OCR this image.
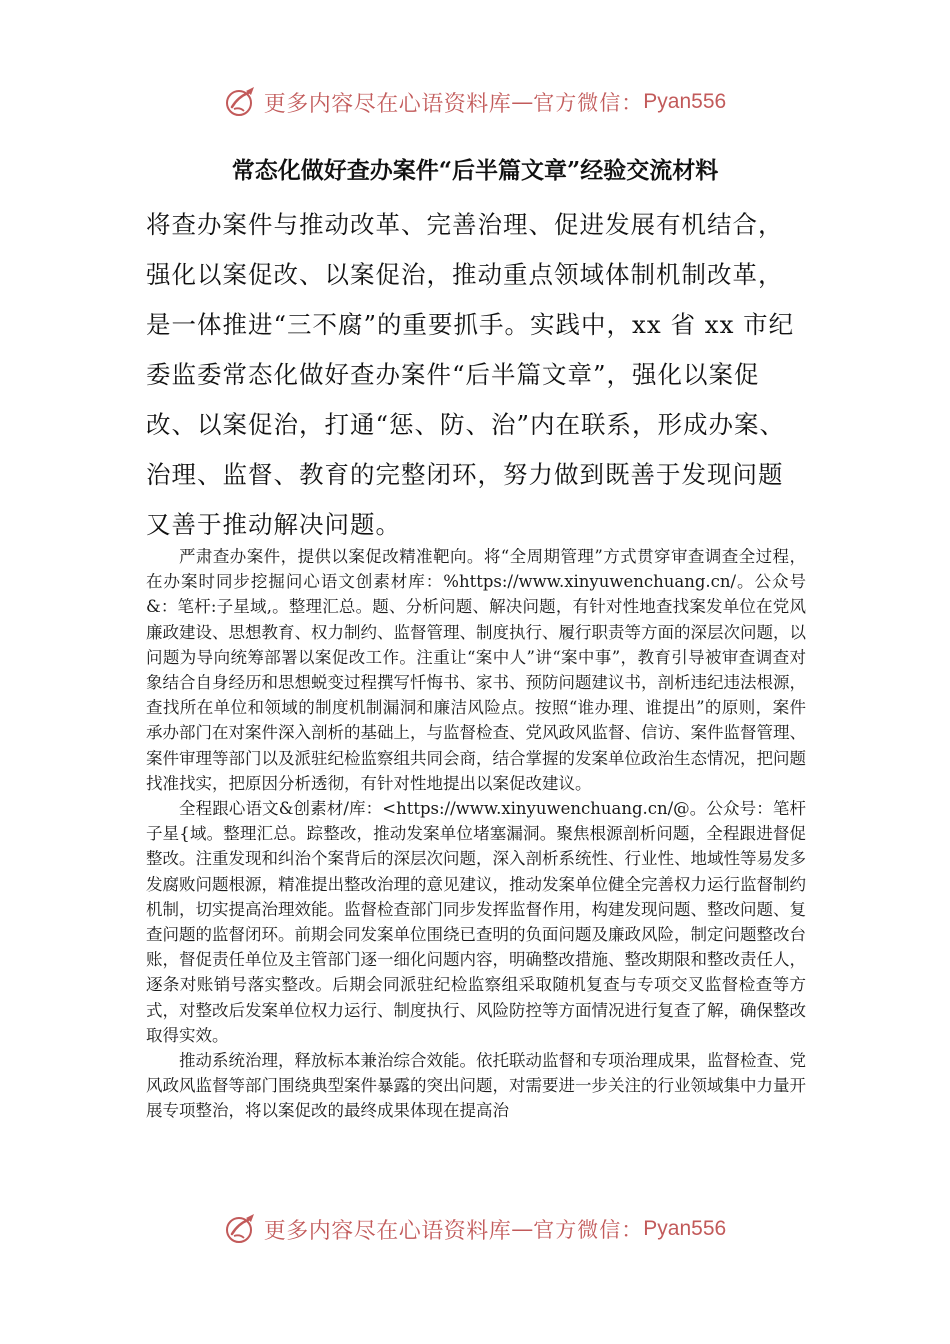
更多内容尽在心语资料库 — 官方微信： Pyan556
常态化做好查办案件“后半篇文章”经验交流材料
将查办案件与推动改革、完善治理、促进发展有机结合，
强化以案促改、以案促治，推动重点领域体制机制改革，
是一体推进“三不腐”的重要抓手。实践中，xx 省 xx 市纪
委监委常态化做好查办案件“后半篇文章”，强化以案促
改、以案促治，打通“惩、防、治”内在联系，形成办案、
治理、监督、教育的完整闭环，努力做到既善于发现问题
又善于推动解决问题。

严肃查办案件，提供以案促改精准靶向。将“全周期管理”方式贯穿审查调查全过程，在办案时同步挖掘问心语文创素材库：%https://www.xinyuwenchuang.cn/。公众号&：笔杆:子星域,。整理汇总。题、分析问题、解决问题，有针对性地查找案发单位在党风廉政建设、思想教育、权力制约、监督管理、制度执行、履行职责等方面的深层次问题，以问题为导向统筹部署以案促改工作。注重让“案中人”讲“案中事”，教育引导被审查调查对象结合自身经历和思想蜕变过程撰写忏悔书、家书、预防问题建议书，剖析违纪违法根源，查找所在单位和领域的制度机制漏洞和廉洁风险点。按照“谁办理、谁提出”的原则，案件承办部门在对案件深入剖析的基础上，与监督检查、党风政风监督、信访、案件监督管理、案件审理等部门以及派驻纪检监察组共同会商，结合掌握的发案单位政治生态情况，把问题找准找实，把原因分析透彻，有针对性地提出以案促改建议。

全程跟心语文&创素材/库：<https://www.xinyuwenchuang.cn/@。公众号：笔杆子星{域。整理汇总。踪整改，推动发案单位堵塞漏洞。聚焦根源剖析问题，全程跟进督促整改。注重发现和纠治个案背后的深层次问题，深入剖析系统性、行业性、地域性等易发多发腐败问题根源，精准提出整改治理的意见建议，推动发案单位健全完善权力运行监督制约机制，切实提高治理效能。监督检查部门同步发挥监督作用，构建发现问题、整改问题、复查问题的监督闭环。前期会同发案单位围绕已查明的负面问题及廉政风险，制定问题整改台账，督促责任单位及主管部门逐一细化问题内容，明确整改措施、整改期限和整改责任人，逐条对账销号落实整改。后期会同派驻纪检监察组采取随机复查与专项交叉监督检查等方式，对整改后发案单位权力运行、制度执行、风险防控等方面情况进行复查了解，确保整改取得实效。

推动系统治理，释放标本兼治综合效能。依托联动监督和专项治理成果，监督检查、党风政风监督等部门围绕典型案件暴露的突出问题，对需要进一步关注的行业领域集中力量开展专项整治，将以案促改的最终成果体现在提高治

更多内容尽在心语资料库 — 官方微信： Pyan556
